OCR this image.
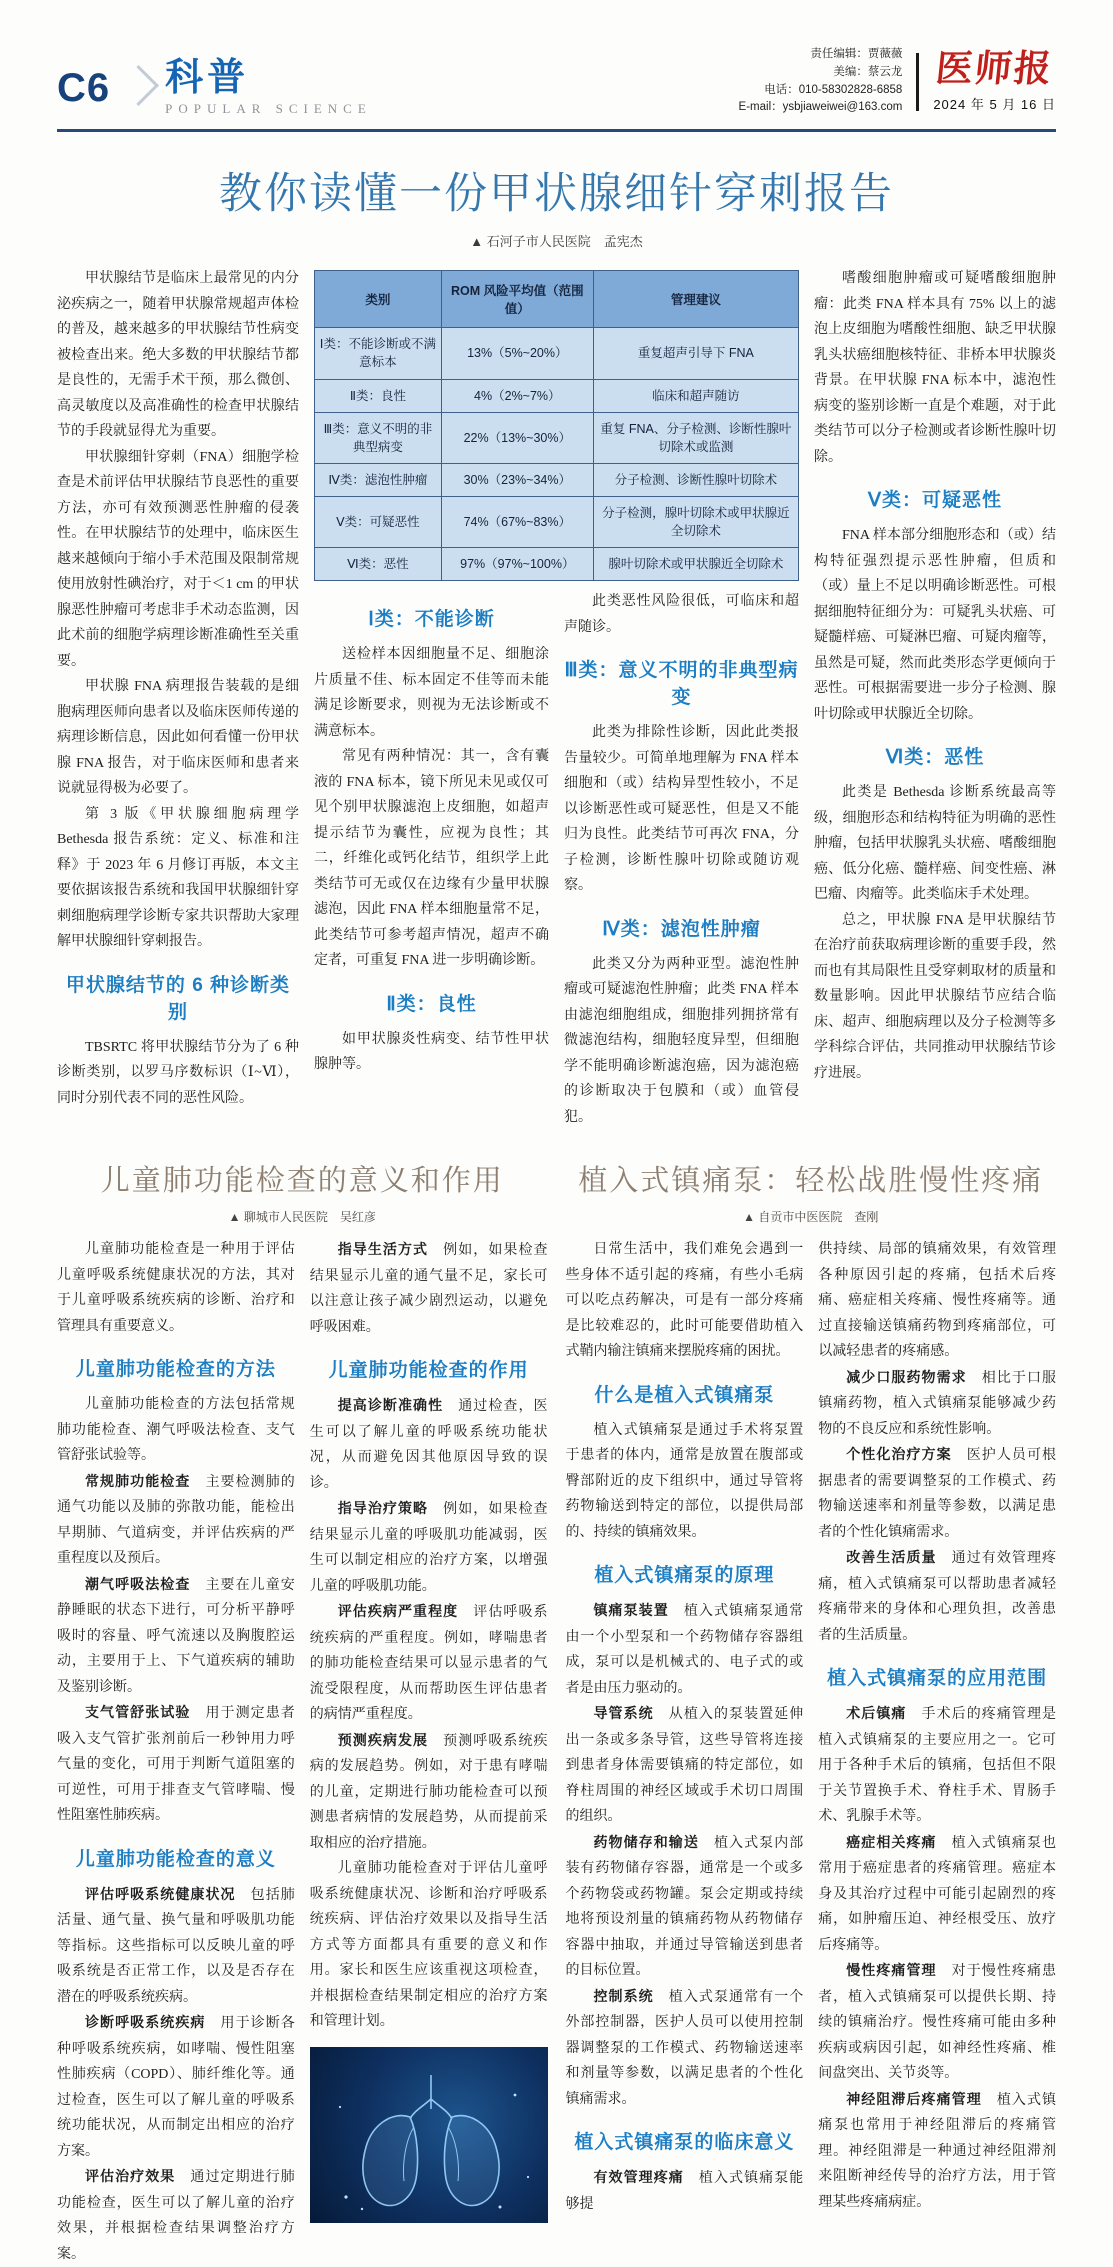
C6 科普
POPULAR SCIENCE
责任编辑：贾薇薇
美编：蔡云龙
电话：010-58302828-6858
E-mail：ysbjiaweiwei@163.com
医师报
2024 年 5 月 16 日
教你读懂一份甲状腺细针穿刺报告
▲ 石河子市人民医院　孟宪杰

甲状腺结节是临床上最常见的内分泌疾病之一，随着甲状腺常规超声体检的普及，越来越多的甲状腺结节性病变被检查出来。绝大多数的甲状腺结节都是良性的，无需手术干预，那么微创、高灵敏度以及高准确性的检查甲状腺结节的手段就显得尤为重要。

甲状腺细针穿刺（FNA）细胞学检查是术前评估甲状腺结节良恶性的重要方法，亦可有效预测恶性肿瘤的侵袭性。在甲状腺结节的处理中，临床医生越来越倾向于缩小手术范围及限制常规使用放射性碘治疗，对于＜1 cm 的甲状腺恶性肿瘤可考虑非手术动态监测，因此术前的细胞学病理诊断准确性至关重要。

甲状腺 FNA 病理报告装载的是细胞病理医师向患者以及临床医师传递的病理诊断信息，因此如何看懂一份甲状腺 FNA 报告，对于临床医师和患者来说就显得极为必要了。

第 3 版《甲状腺细胞病理学 Bethesda 报告系统：定义、标准和注释》于 2023 年 6 月修订再版，本文主要依据该报告系统和我国甲状腺细针穿刺细胞病理学诊断专家共识帮助大家理解甲状腺细针穿刺报告。

甲状腺结节的 6 种诊断类别

TBSRTC 将甲状腺结节分为了 6 种诊断类别，以罗马序数标识（Ⅰ~Ⅵ），同时分别代表不同的恶性风险。

类别	ROM 风险平均值（范围值）	管理建议
Ⅰ类：不能诊断或不满意标本	13%（5%~20%）	重复超声引导下 FNA
Ⅱ类：良性	4%（2%~7%）	临床和超声随访
Ⅲ类：意义不明的非典型病变	22%（13%~30%）	重复 FNA、分子检测、诊断性腺叶切除术或监测
Ⅳ类：滤泡性肿瘤	30%（23%~34%）	分子检测、诊断性腺叶切除术
Ⅴ类：可疑恶性	74%（67%~83%）	分子检测，腺叶切除术或甲状腺近全切除术
Ⅵ类：恶性	97%（97%~100%）	腺叶切除术或甲状腺近全切除术
Ⅰ类：不能诊断

送检样本因细胞量不足、细胞涂片质量不佳、标本固定不佳等而未能满足诊断要求，则视为无法诊断或不满意标本。

常见有两种情况：其一，含有囊液的 FNA 标本，镜下所见未见或仅可见个别甲状腺滤泡上皮细胞，如超声提示结节为囊性，应视为良性；其二，纤维化或钙化结节，组织学上此类结节可无或仅在边缘有少量甲状腺滤泡，因此 FNA 样本细胞量常不足，此类结节可参考超声情况，超声不确定者，可重复 FNA 进一步明确诊断。

Ⅱ类：良性

如甲状腺炎性病变、结节性甲状腺肿等。

此类恶性风险很低，可临床和超声随诊。

Ⅲ类：意义不明的非典型病变

此类为排除性诊断，因此此类报告量较少。可简单地理解为 FNA 样本细胞和（或）结构异型性较小，不足以诊断恶性或可疑恶性，但是又不能归为良性。此类结节可再次 FNA，分子检测，诊断性腺叶切除或随访观察。

Ⅳ类：滤泡性肿瘤

此类又分为两种亚型。滤泡性肿瘤或可疑滤泡性肿瘤；此类 FNA 样本由滤泡细胞组成，细胞排列拥挤常有微滤泡结构，细胞轻度异型，但细胞学不能明确诊断滤泡癌，因为滤泡癌的诊断取决于包膜和（或）血管侵犯。

嗜酸细胞肿瘤或可疑嗜酸细胞肿瘤：此类 FNA 样本具有 75% 以上的滤泡上皮细胞为嗜酸性细胞、缺乏甲状腺乳头状癌细胞核特征、非桥本甲状腺炎背景。在甲状腺 FNA 标本中，滤泡性病变的鉴别诊断一直是个难题，对于此类结节可以分子检测或者诊断性腺叶切除。

Ⅴ类：可疑恶性

FNA 样本部分细胞形态和（或）结构特征强烈提示恶性肿瘤，但质和（或）量上不足以明确诊断恶性。可根据细胞特征细分为：可疑乳头状癌、可疑髓样癌、可疑淋巴瘤、可疑肉瘤等，虽然是可疑，然而此类形态学更倾向于恶性。可根据需要进一步分子检测、腺叶切除或甲状腺近全切除。

Ⅵ类：恶性

此类是 Bethesda 诊断系统最高等级，细胞形态和结构特征为明确的恶性肿瘤，包括甲状腺乳头状癌、嗜酸细胞癌、低分化癌、髓样癌、间变性癌、淋巴瘤、肉瘤等。此类临床手术处理。

总之，甲状腺 FNA 是甲状腺结节在治疗前获取病理诊断的重要手段，然而也有其局限性且受穿刺取材的质量和数量影响。因此甲状腺结节应结合临床、超声、细胞病理以及分子检测等多学科综合评估，共同推动甲状腺结节诊疗进展。

儿童肺功能检查的意义和作用
▲ 聊城市人民医院　吴红彦

儿童肺功能检查是一种用于评估儿童呼吸系统健康状况的方法，其对于儿童呼吸系统疾病的诊断、治疗和管理具有重要意义。

儿童肺功能检查的方法

儿童肺功能检查的方法包括常规肺功能检查、潮气呼吸法检查、支气管舒张试验等。

常规肺功能检查　主要检测肺的通气功能以及肺的弥散功能，能检出早期肺、气道病变，并评估疾病的严重程度以及预后。

潮气呼吸法检查　主要在儿童安静睡眠的状态下进行，可分析平静呼吸时的容量、呼气流速以及胸腹腔运动，主要用于上、下气道疾病的辅助及鉴别诊断。

支气管舒张试验　用于测定患者吸入支气管扩张剂前后一秒钟用力呼气量的变化，可用于判断气道阻塞的可逆性，可用于排查支气管哮喘、慢性阻塞性肺疾病。

儿童肺功能检查的意义

评估呼吸系统健康状况　包括肺活量、通气量、换气量和呼吸肌功能等指标。这些指标可以反映儿童的呼吸系统是否正常工作，以及是否存在潜在的呼吸系统疾病。

诊断呼吸系统疾病　用于诊断各种呼吸系统疾病，如哮喘、慢性阻塞性肺疾病（COPD）、肺纤维化等。通过检查，医生可以了解儿童的呼吸系统功能状况，从而制定出相应的治疗方案。

评估治疗效果　通过定期进行肺功能检查，医生可以了解儿童的治疗效果，并根据检查结果调整治疗方案。

指导生活方式　例如，如果检查结果显示儿童的通气量不足，家长可以注意让孩子减少剧烈运动，以避免呼吸困难。

儿童肺功能检查的作用

提高诊断准确性　通过检查，医生可以了解儿童的呼吸系统功能状况，从而避免因其他原因导致的误诊。

指导治疗策略　例如，如果检查结果显示儿童的呼吸肌功能减弱，医生可以制定相应的治疗方案，以增强儿童的呼吸肌功能。

评估疾病严重程度　评估呼吸系统疾病的严重程度。例如，哮喘患者的肺功能检查结果可以显示患者的气流受限程度，从而帮助医生评估患者的病情严重程度。

预测疾病发展　预测呼吸系统疾病的发展趋势。例如，对于患有哮喘的儿童，定期进行肺功能检查可以预测患者病情的发展趋势，从而提前采取相应的治疗措施。

儿童肺功能检查对于评估儿童呼吸系统健康状况、诊断和治疗呼吸系统疾病、评估治疗效果以及指导生活方式等方面都具有重要的意义和作用。家长和医生应该重视这项检查，并根据检查结果制定相应的治疗方案和管理计划。

植入式镇痛泵：轻松战胜慢性疼痛
▲ 自贡市中医医院　查刚

日常生活中，我们难免会遇到一些身体不适引起的疼痛，有些小毛病可以吃点药解决，可是有一部分疼痛是比较难忍的，此时可能要借助植入式鞘内输注镇痛来摆脱疼痛的困扰。

什么是植入式镇痛泵

植入式镇痛泵是通过手术将泵置于患者的体内，通常是放置在腹部或臀部附近的皮下组织中，通过导管将药物输送到特定的部位，以提供局部的、持续的镇痛效果。

植入式镇痛泵的原理

镇痛泵装置　植入式镇痛泵通常由一个小型泵和一个药物储存容器组成，泵可以是机械式的、电子式的或者是由压力驱动的。

导管系统　从植入的泵装置延伸出一条或多条导管，这些导管将连接到患者身体需要镇痛的特定部位，如脊柱周围的神经区域或手术切口周围的组织。

药物储存和输送　植入式泵内部装有药物储存容器，通常是一个或多个药物袋或药物罐。泵会定期或持续地将预设剂量的镇痛药物从药物储存容器中抽取，并通过导管输送到患者的目标位置。

控制系统　植入式泵通常有一个外部控制器，医护人员可以使用控制器调整泵的工作模式、药物输送速率和剂量等参数，以满足患者的个性化镇痛需求。

植入式镇痛泵的临床意义

有效管理疼痛　植入式镇痛泵能够提

供持续、局部的镇痛效果，有效管理各种原因引起的疼痛，包括术后疼痛、癌症相关疼痛、慢性疼痛等。通过直接输送镇痛药物到疼痛部位，可以减轻患者的疼痛感。

减少口服药物需求　相比于口服镇痛药物，植入式镇痛泵能够减少药物的不良反应和系统性影响。

个性化治疗方案　医护人员可根据患者的需要调整泵的工作模式、药物输送速率和剂量等参数，以满足患者的个性化镇痛需求。

改善生活质量　通过有效管理疼痛，植入式镇痛泵可以帮助患者减轻疼痛带来的身体和心理负担，改善患者的生活质量。

植入式镇痛泵的应用范围

术后镇痛　手术后的疼痛管理是植入式镇痛泵的主要应用之一。它可用于各种手术后的镇痛，包括但不限于关节置换手术、脊柱手术、胃肠手术、乳腺手术等。

癌症相关疼痛　植入式镇痛泵也常用于癌症患者的疼痛管理。癌症本身及其治疗过程中可能引起剧烈的疼痛，如肿瘤压迫、神经根受压、放疗后疼痛等。

慢性疼痛管理　对于慢性疼痛患者，植入式镇痛泵可以提供长期、持续的镇痛治疗。慢性疼痛可能由多种疾病或病因引起，如神经性疼痛、椎间盘突出、关节炎等。

神经阻滞后疼痛管理　植入式镇痛泵也常用于神经阻滞后的疼痛管理。神经阻滞是一种通过神经阻滞剂来阻断神经传导的治疗方法，用于管理某些疼痛病症。
